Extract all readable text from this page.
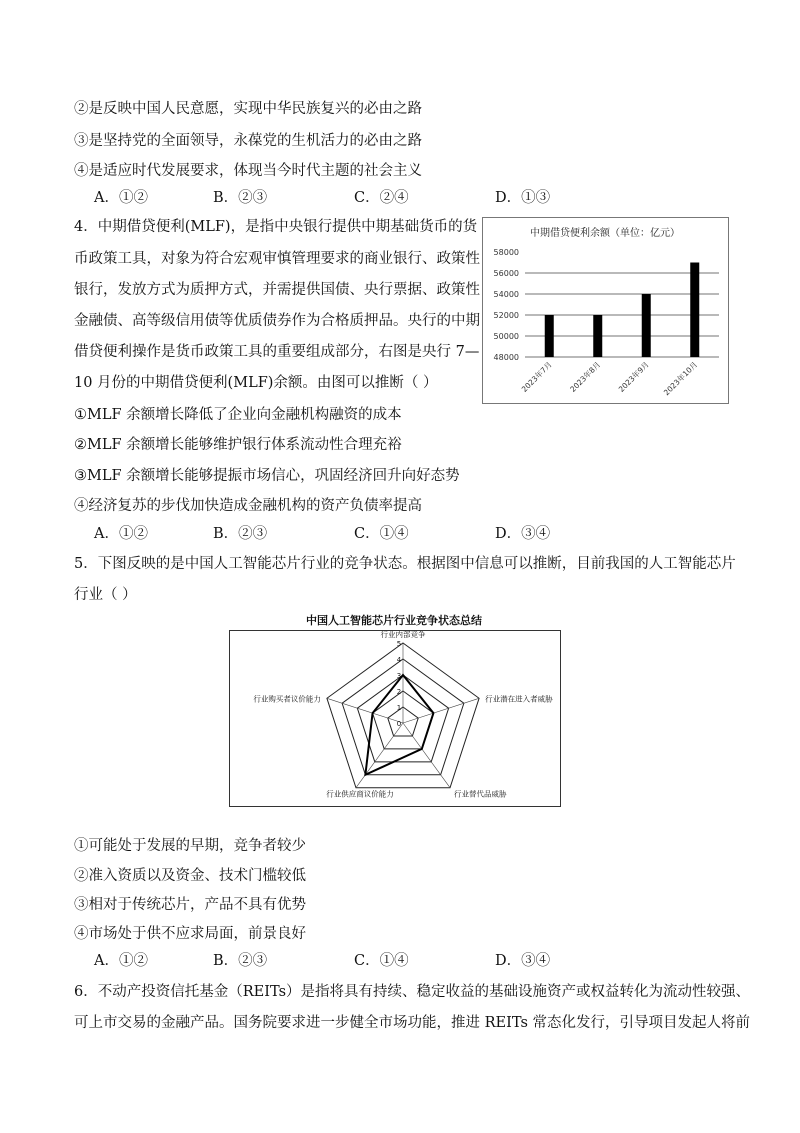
②是反映中国人民意愿，实现中华民族复兴的必由之路
③是坚持党的全面领导，永葆党的生机活力的必由之路
④是适应时代发展要求，体现当今时代主题的社会主义
A．①②	B．②③	C．②④	D．①③
4．中期借贷便利(MLF)，是指中央银行提供中期基础货币的货
币政策工具，对象为符合宏观审慎管理要求的商业银行、政策性
银行，发放方式为质押方式，并需提供国债、央行票据、政策性
金融债、高等级信用债等优质债券作为合格质押品。央行的中期
借贷便利操作是货币政策工具的重要组成部分，右图是央行 7—
10 月份的中期借贷便利(MLF)余额。由图可以推断（ ）
①MLF 余额增长降低了企业向金融机构融资的成本
②MLF 余额增长能够维护银行体系流动性合理充裕
③MLF 余额增长能够提振市场信心，巩固经济回升向好态势
④经济复苏的步伐加快造成金融机构的资产负债率提高
A．①②	B．②③	C．①④	D．③④
中期借贷便利余额（单位：亿元）
48000
50000
52000
54000
56000
58000
2023年7月 2023年8月 2023年9月 2023年10月
5．下图反映的是中国人工智能芯片行业的竞争状态。根据图中信息可以推断，目前我国的人工智能芯片
行业（ ）
中国人工智能芯片行业竞争状态总结
0
1
2
3
4
5
行业内部竞争
行业潜在进入者威胁
行业替代品威胁
行业供应商议价能力
行业购买者议价能力
①可能处于发展的早期，竞争者较少
②准入资质以及资金、技术门槛较低
③相对于传统芯片，产品不具有优势
④市场处于供不应求局面，前景良好
A．①②	B．②③	C．①④	D．③④
6．不动产投资信托基金（REITs）是指将具有持续、稳定收益的基础设施资产或权益转化为流动性较强、
可上市交易的金融产品。国务院要求进一步健全市场功能，推进 REITs 常态化发行，引导项目发起人将前
